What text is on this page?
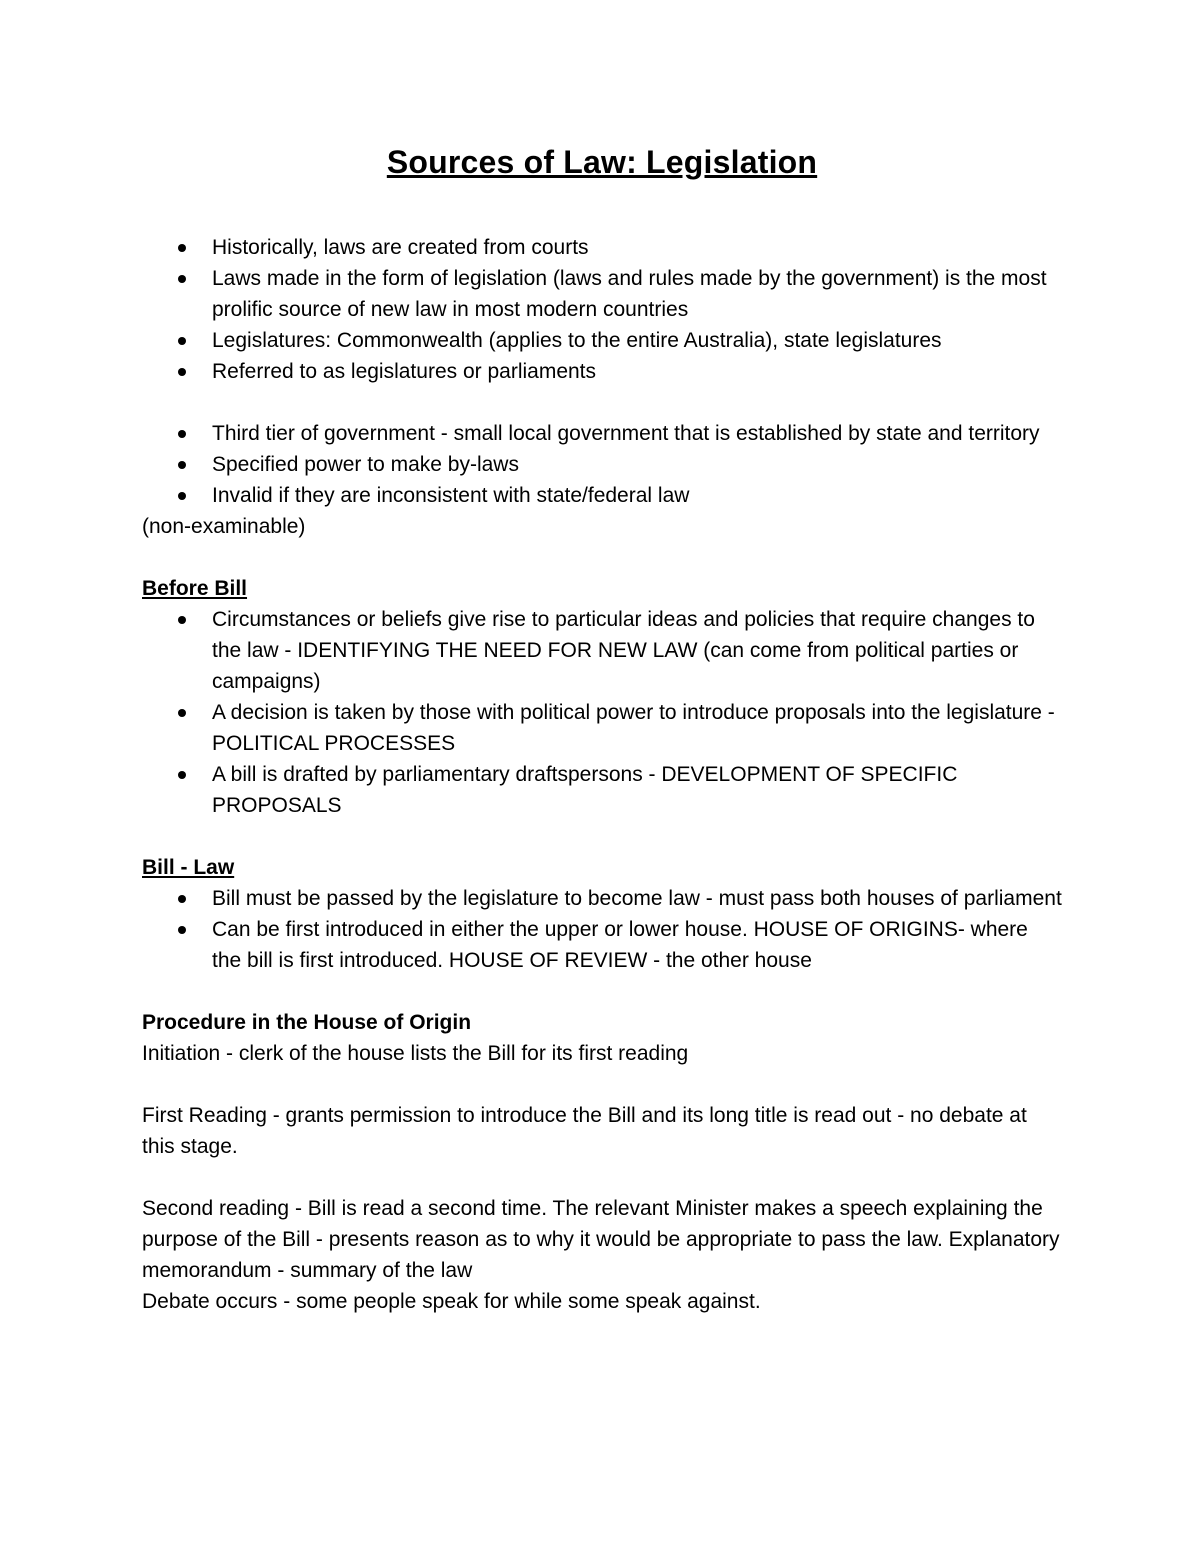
Sources of Law: Legislation
Historically, laws are created from courts
Laws made in the form of legislation (laws and rules made by the government) is the most prolific source of new law in most modern countries
Legislatures: Commonwealth (applies to the entire Australia), state legislatures
Referred to as legislatures or parliaments
Third tier of government - small local government that is established by state and territory
Specified power to make by-laws
Invalid if they are inconsistent with state/federal law

(non-examinable)

Before Bill

Circumstances or beliefs give rise to particular ideas and policies that require changes to the law - IDENTIFYING THE NEED FOR NEW LAW (can come from political parties or campaigns)
A decision is taken by those with political power to introduce proposals into the legislature - POLITICAL PROCESSES
A bill is drafted by parliamentary draftspersons - DEVELOPMENT OF SPECIFIC PROPOSALS

Bill - Law

Bill must be passed by the legislature to become law - must pass both houses of parliament
Can be first introduced in either the upper or lower house. HOUSE OF ORIGINS- where the bill is first introduced. HOUSE OF REVIEW - the other house

Procedure in the House of Origin

Initiation - clerk of the house lists the Bill for its first reading

First Reading - grants permission to introduce the Bill and its long title is read out - no debate at this stage.

Second reading - Bill is read a second time. The relevant Minister makes a speech explaining the purpose of the Bill - presents reason as to why it would be appropriate to pass the law. Explanatory memorandum - summary of the law

Debate occurs - some people speak for while some speak against.
